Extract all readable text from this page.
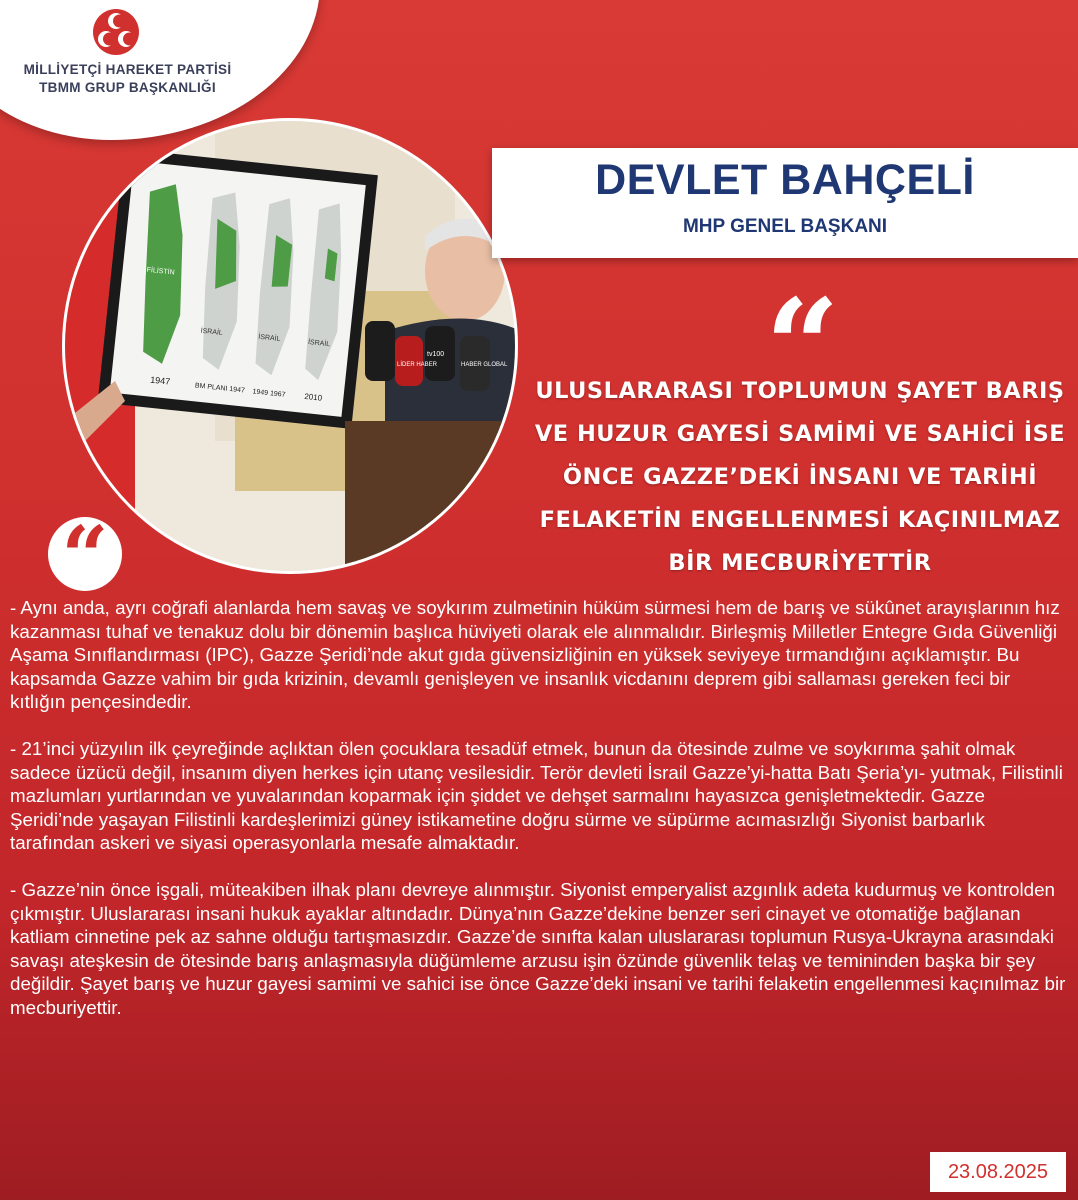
MİLLİYETÇİ HAREKET PARTİSİ
TBMM GRUP BAŞKANLIĞI
FİLİSTİN
İSRAİL
İSRAİL
İSRAİL
1947
BM PLANI 1947 1949 1967 2010
LİDER HABER
tv100
HABER GLOBAL
DEVLET BAHÇELİ
MHP GENEL BAŞKANI
“
ULUSLARARASI TOPLUMUN ŞAYET BARIŞ VE HUZUR GAYESİ SAMİMİ VE SAHİCİ İSE ÖNCE GAZZE’DEKİ İNSANI VE TARİHİ FELAKETİN ENGELLENMESİ KAÇINILMAZ BİR MECBURİYETTİR
“

- Aynı anda, ayrı coğrafi alanlarda hem savaş ve soykırım zulmetinin hüküm sürmesi hem de barış ve sükûnet arayışlarının hız kazanması tuhaf ve tenakuz dolu bir dönemin başlıca hüviyeti olarak ele alınmalıdır. Birleşmiş Milletler Entegre Gıda Güvenliği Aşama Sınıflandırması (IPC), Gazze Şeridi’nde akut gıda güvensizliğinin en yüksek seviyeye tırmandığını açıklamıştır. Bu kapsamda Gazze vahim bir gıda krizinin, devamlı genişleyen ve insanlık vicdanını deprem gibi sallaması gereken feci bir kıtlığın pençesindedir.

- 21’inci yüzyılın ilk çeyreğinde açlıktan ölen çocuklara tesadüf etmek, bunun da ötesinde zulme ve soykırıma şahit olmak sadece üzücü değil, insanım diyen herkes için utanç vesilesidir. Terör devleti İsrail Gazze’yi-hatta Batı Şeria’yı- yutmak, Filistinli mazlumları yurtlarından ve yuvalarından koparmak için şiddet ve dehşet sarmalını hayasızca genişletmektedir. Gazze Şeridi’nde yaşayan Filistinli kardeşlerimizi güney istikametine doğru sürme ve süpürme acımasızlığı Siyonist barbarlık tarafından askeri ve siyasi operasyonlarla mesafe almaktadır.

- Gazze’nin önce işgali, müteakiben ilhak planı devreye alınmıştır. Siyonist emperyalist azgınlık adeta kudurmuş ve kontrolden çıkmıştır. Uluslararası insani hukuk ayaklar altındadır. Dünya’nın Gazze’dekine benzer seri cinayet ve otomatiğe bağlanan katliam cinnetine pek az sahne olduğu tartışmasızdır. Gazze’de sınıfta kalan uluslararası toplumun Rusya-Ukrayna arasındaki savaşı ateşkesin de ötesinde barış anlaşmasıyla düğümleme arzusu işin özünde güvenlik telaş ve temininden başka bir şey değildir. Şayet barış ve huzur gayesi samimi ve sahici ise önce Gazze’deki insani ve tarihi felaketin engellenmesi kaçınılmaz bir mecburiyettir.

23.08.2025
